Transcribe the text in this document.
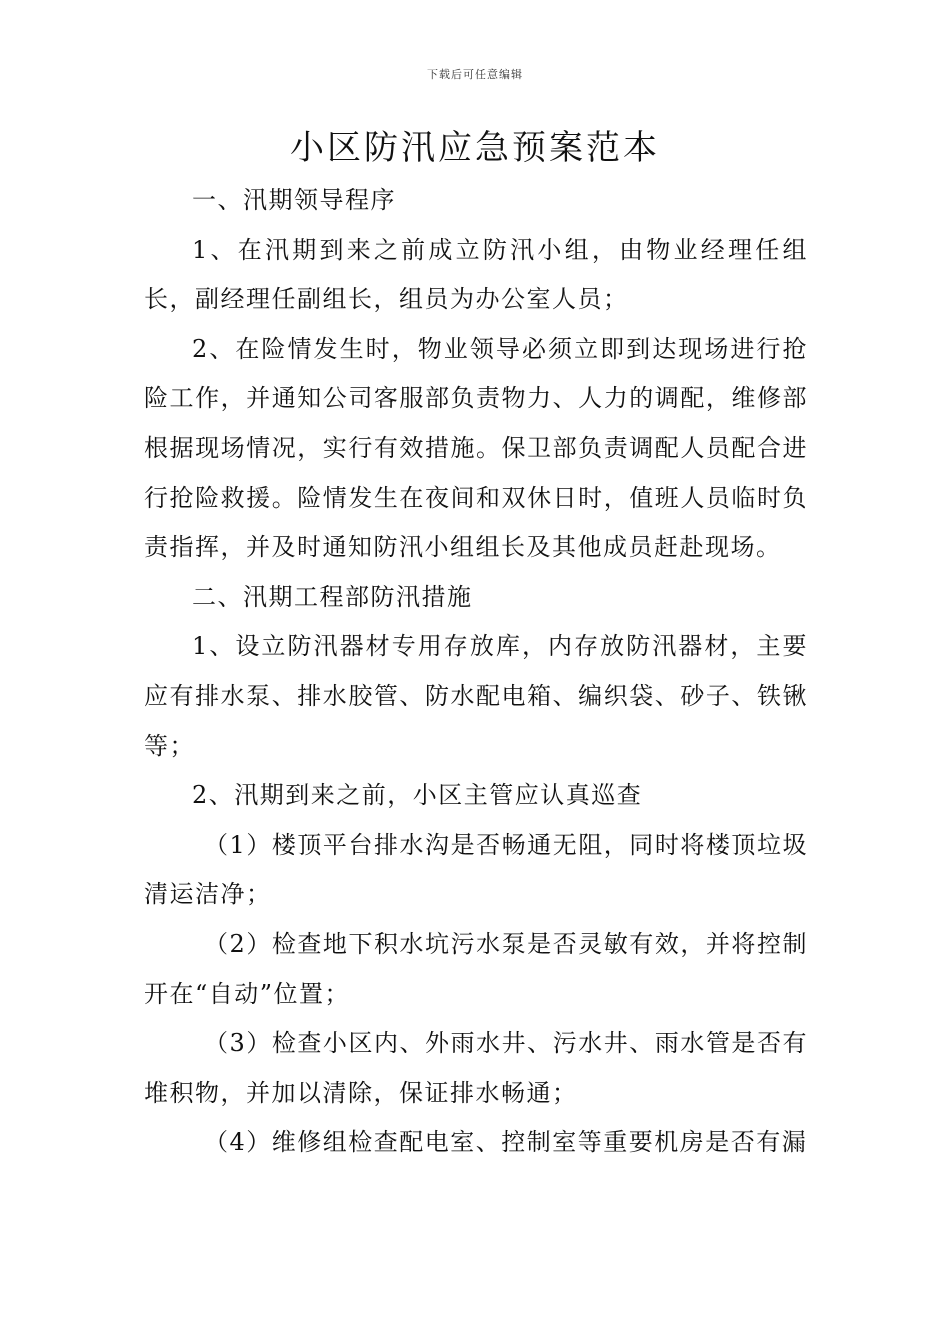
下载后可任意编辑
小区防汛应急预案范本

一、汛期领导程序

1、在汛期到来之前成立防汛小组，由物业经理任组长，副经理任副组长，组员为办公室人员；

2、在险情发生时，物业领导必须立即到达现场进行抢险工作，并通知公司客服部负责物力、人力的调配，维修部根据现场情况，实行有效措施。保卫部负责调配人员配合进行抢险救援。险情发生在夜间和双休日时，值班人员临时负责指挥，并及时通知防汛小组组长及其他成员赶赴现场。

二、汛期工程部防汛措施

1、设立防汛器材专用存放库，内存放防汛器材，主要应有排水泵、排水胶管、防水配电箱、编织袋、砂子、铁锹等；

2、汛期到来之前，小区主管应认真巡查

（1）楼顶平台排水沟是否畅通无阻，同时将楼顶垃圾清运洁净；

（2）检查地下积水坑污水泵是否灵敏有效，并将控制开在“自动”位置；

（3）检查小区内、外雨水井、污水井、雨水管是否有堆积物，并加以清除，保证排水畅通；

（4）维修组检查配电室、控制室等重要机房是否有漏
